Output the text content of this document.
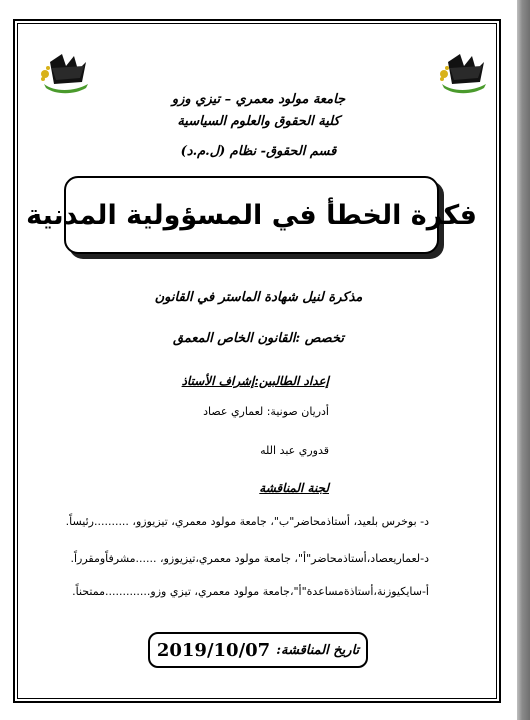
جامعة مولود معمري – تيزي وزو
كلية الحقوق والعلوم السياسية
قسم الحقوق- نظام (ل.م.د)
فكرة الخطأ في المسؤولية المدنية
مذكرة لنيل شهادة الماستر في القانون
تخصص :القانون الخاص المعمق
إعداد الطالبين:إشراف الأستاذ
أدريان صونية: لعماري عصاد
قدوري عبد الله
لجنة المناقشة
د- بوخرس بلعيد، أستاذمحاضر"ب"، جامعة مولود معمري، تيزيوزو، ..........رئيساً.
د-لعماريعصاد،أستاذمحاضر"أ"، جامعة مولود معمري،تيزيوزو، ......مشرفاًومقرراً.
أ-سايكيوزنة،أستاذةمساعدة"أ"،جامعة مولود معمري، تيزي وزو.............ممتحناً.
تاريخ المناقشة:
2019/10/07
